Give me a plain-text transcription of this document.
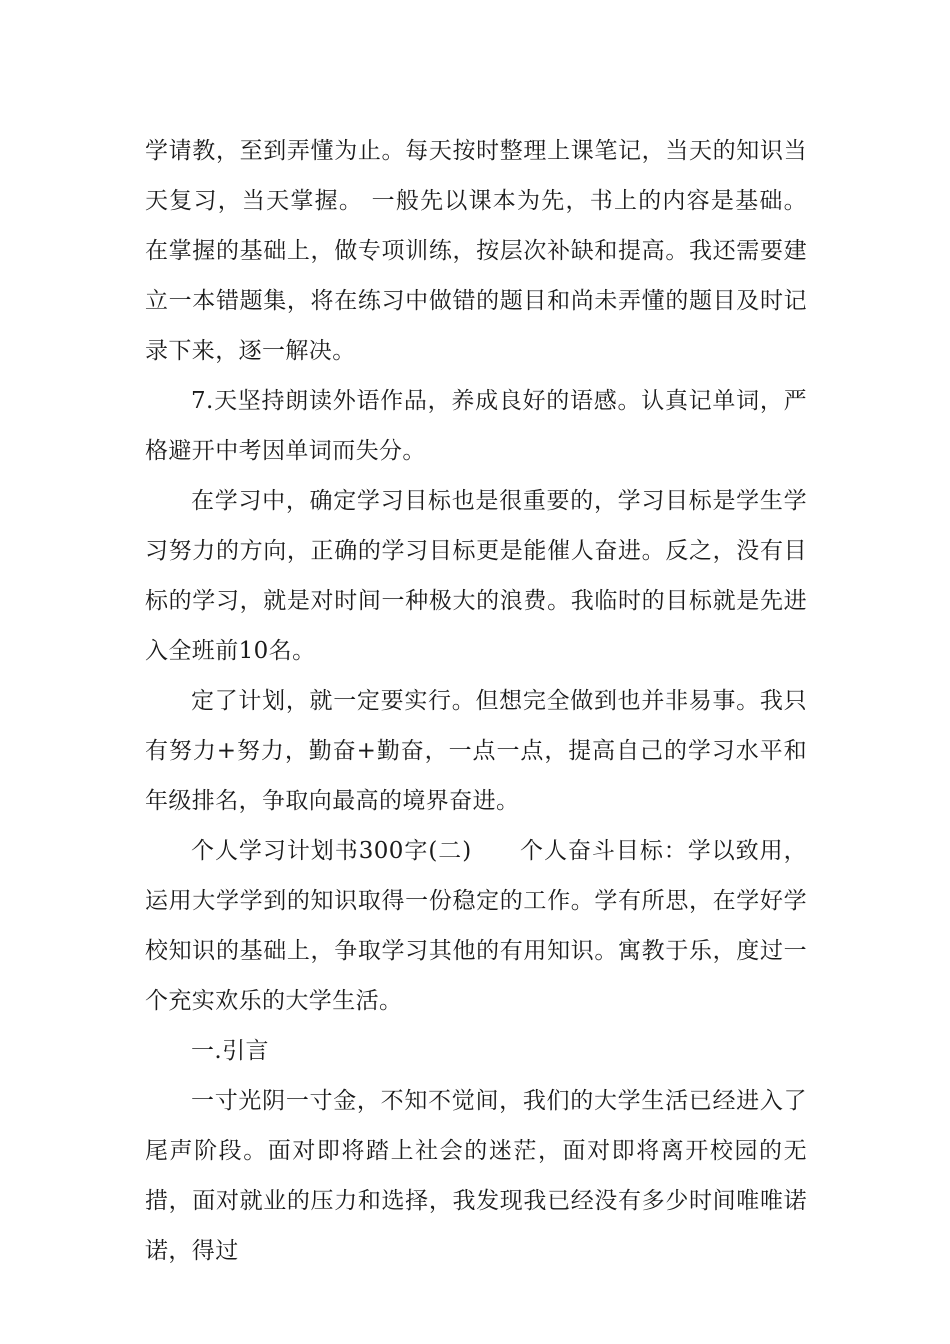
学请教，至到弄懂为止。每天按时整理上课笔记，当天的知识当天复习，当天掌握。 一般先以课本为先，书上的内容是基础。在掌握的基础上，做专项训练，按层次补缺和提高。我还需要建立一本错题集，将在练习中做错的题目和尚未弄懂的题目及时记录下来，逐一解决。

7.天坚持朗读外语作品，养成良好的语感。认真记单词，严格避开中考因单词而失分。

在学习中，确定学习目标也是很重要的，学习目标是学生学习努力的方向，正确的学习目标更是能催人奋进。反之，没有目标的学习，就是对时间一种极大的浪费。我临时的目标就是先进入全班前10名。

定了计划，就一定要实行。但想完全做到也并非易事。我只有努力+努力，勤奋+勤奋，一点一点，提高自己的学习水平和年级排名，争取向最高的境界奋进。

个人学习计划书300字(二)　　个人奋斗目标：学以致用，运用大学学到的知识取得一份稳定的工作。学有所思，在学好学校知识的基础上，争取学习其他的有用知识。寓教于乐，度过一个充实欢乐的大学生活。

一.引言

一寸光阴一寸金，不知不觉间，我们的大学生活已经进入了尾声阶段。面对即将踏上社会的迷茫，面对即将离开校园的无措，面对就业的压力和选择，我发现我已经没有多少时间唯唯诺诺，得过
